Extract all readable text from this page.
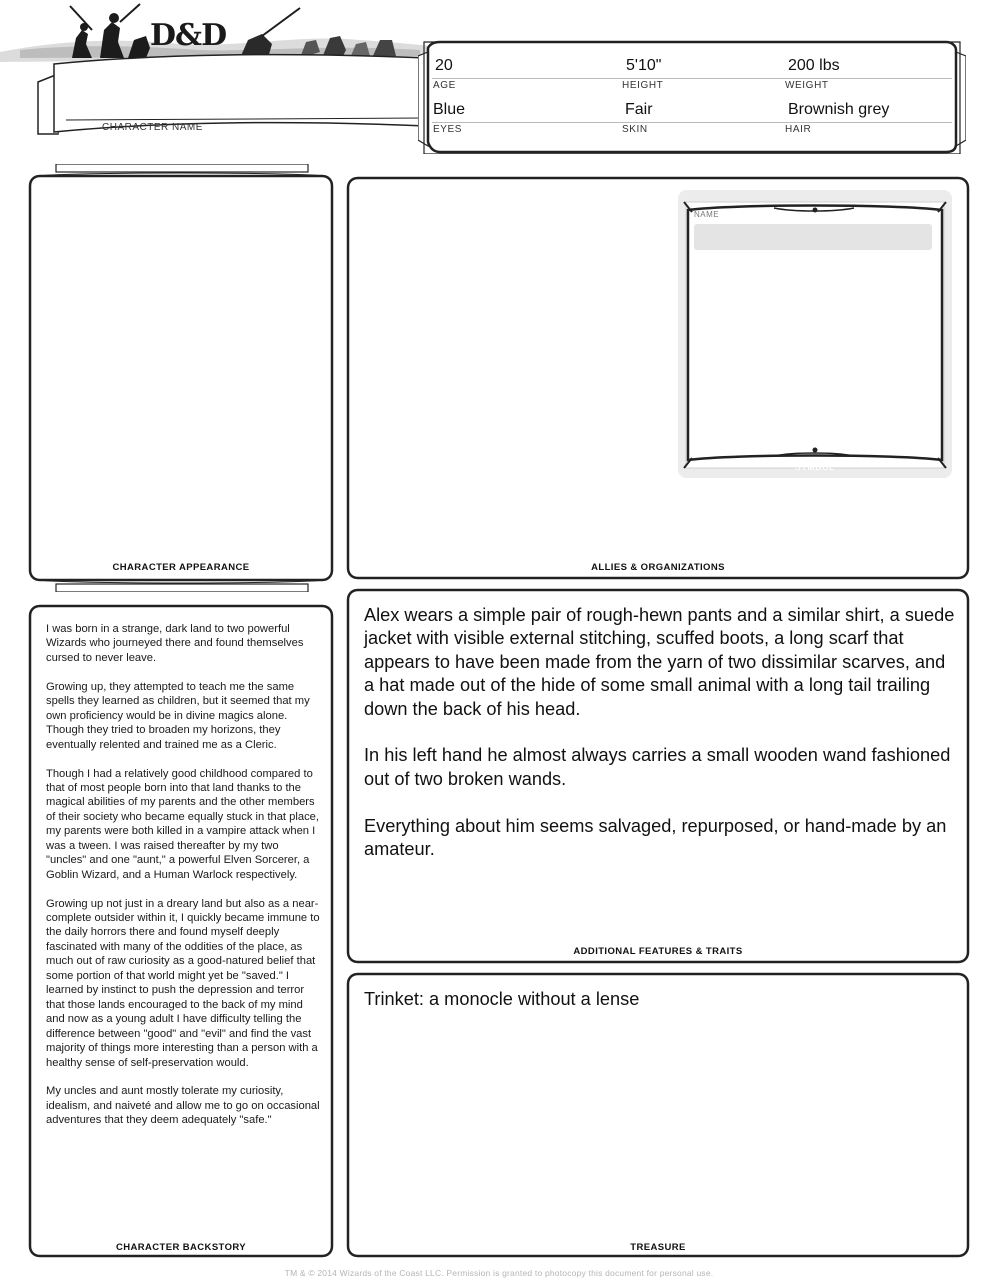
D&D
CHARACTER NAME
20	5'10"	200 lbs
AGE	HEIGHT	WEIGHT
Blue	Fair	Brownish grey
EYES	SKIN	HAIR
CHARACTER APPEARANCE
NAME
SYMBOL
ALLIES & ORGANIZATIONS

I was born in a strange, dark land to two powerful Wizards who journeyed there and found themselves cursed to never leave.

Growing up, they attempted to teach me the same spells they learned as children, but it seemed that my own proficiency would be in divine magics alone. Though they tried to broaden my horizons, they eventually relented and trained me as a Cleric.

Though I had a relatively good childhood compared to that of most people born into that land thanks to the magical abilities of my parents and the other members of their society who became equally stuck in that place, my parents were both killed in a vampire attack when I was a tween. I was raised thereafter by my two "uncles" and one "aunt," a powerful Elven Sorcerer, a Goblin Wizard, and a Human Warlock respectively.

Growing up not just in a dreary land but also as a near-complete outsider within it, I quickly became immune to the daily horrors there and found myself deeply fascinated with many of the oddities of the place, as much out of raw curiosity as a good-natured belief that some portion of that world might yet be "saved." I learned by instinct to push the depression and terror that those lands encouraged to the back of my mind and now as a young adult I have difficulty telling the difference between "good" and "evil" and find the vast majority of things more interesting than a person with a healthy sense of self-preservation would.

My uncles and aunt mostly tolerate my curiosity, idealism, and naiveté and allow me to go on occasional adventures that they deem adequately "safe."

CHARACTER BACKSTORY

Alex wears a simple pair of rough-hewn pants and a similar shirt, a suede jacket with visible external stitching, scuffed boots, a long scarf that appears to have been made from the yarn of two dissimilar scarves, and a hat made out of the hide of some small animal with a long tail trailing down the back of his head.

In his left hand he almost always carries a small wooden wand fashioned out of two broken wands.

Everything about him seems salvaged, repurposed, or hand-made by an amateur.

ADDITIONAL FEATURES & TRAITS
Trinket: a monocle without a lense
TREASURE
TM & © 2014 Wizards of the Coast LLC. Permission is granted to photocopy this document for personal use.
